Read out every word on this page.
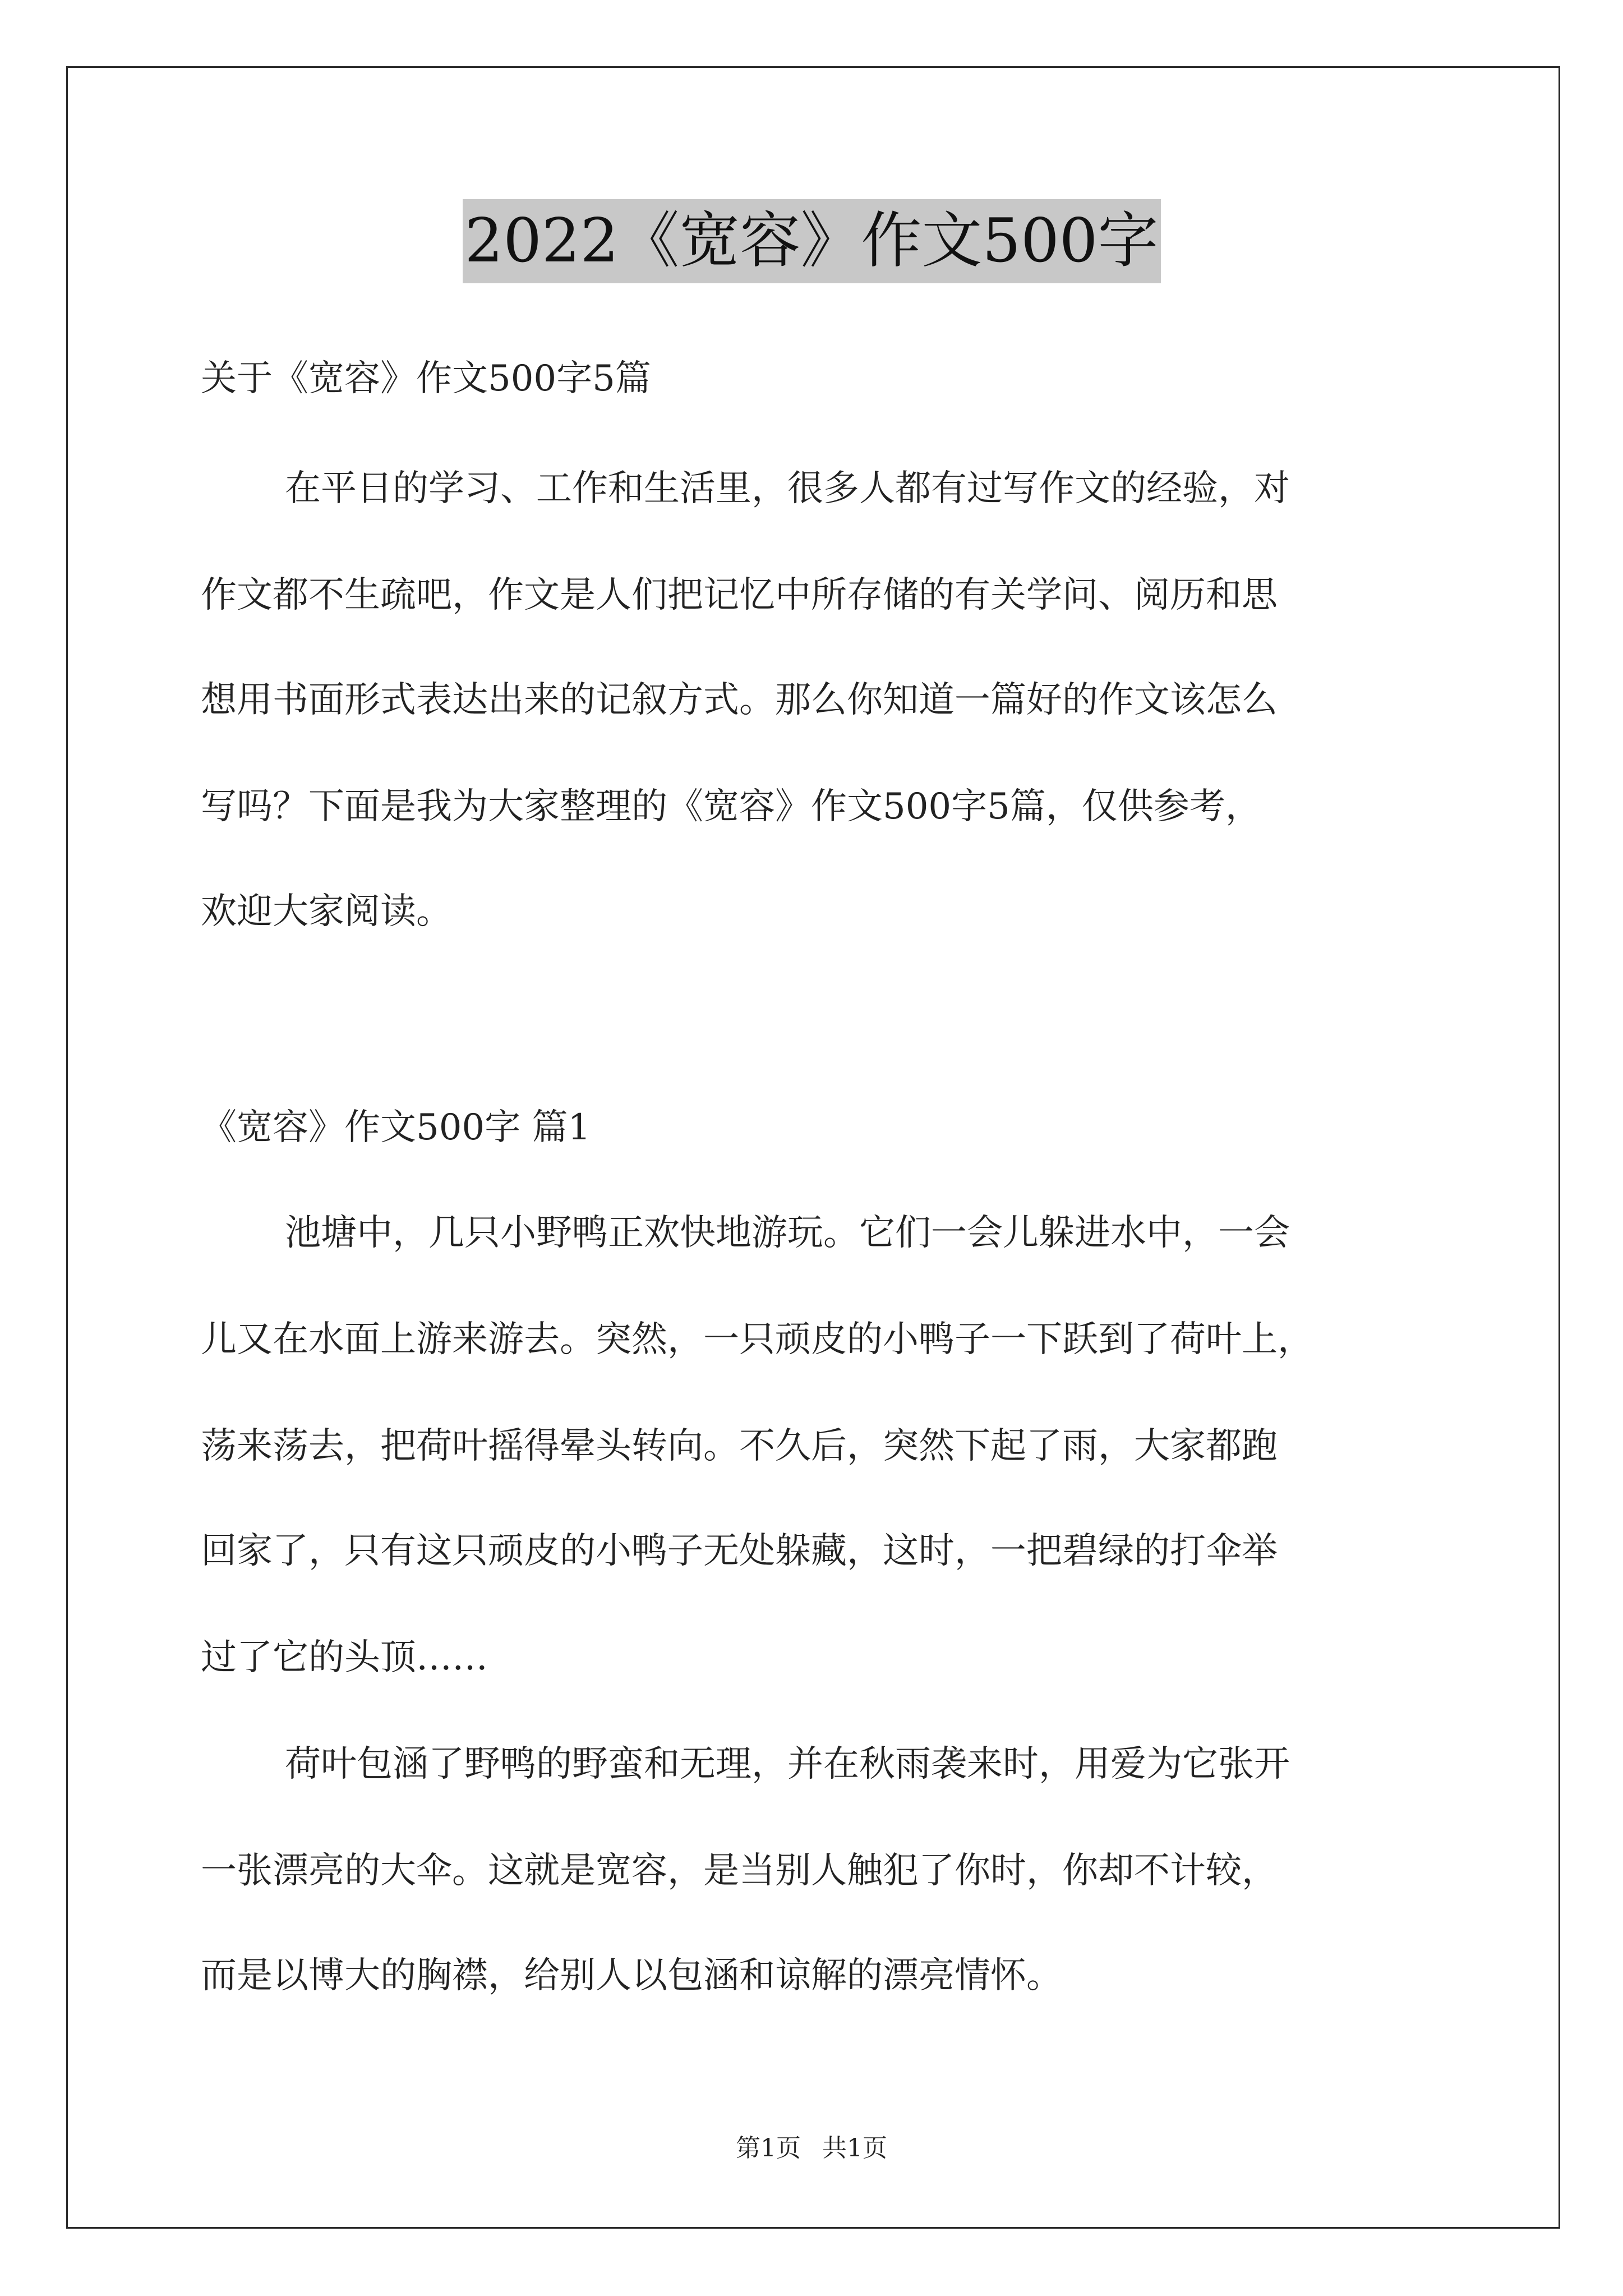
2022《宽容》作文500字
关于《宽容》作文500字5篇
在平日的学习、工作和生活里，很多人都有过写作文的经验，对
作文都不生疏吧，作文是人们把记忆中所存储的有关学问、阅历和思
想用书面形式表达出来的记叙方式。那么你知道一篇好的作文该怎么
写吗？下面是我为大家整理的《宽容》作文500字5篇，仅供参考，
欢迎大家阅读。
《宽容》作文500字 篇1
池塘中，几只小野鸭正欢快地游玩。它们一会儿躲进水中，一会
儿又在水面上游来游去。突然，一只顽皮的小鸭子一下跃到了荷叶上，
荡来荡去，把荷叶摇得晕头转向。不久后，突然下起了雨，大家都跑
回家了，只有这只顽皮的小鸭子无处躲藏，这时，一把碧绿的打伞举
过了它的头顶……
荷叶包涵了野鸭的野蛮和无理，并在秋雨袭来时，用爱为它张开
一张漂亮的大伞。这就是宽容，是当别人触犯了你时，你却不计较，
而是以博大的胸襟，给别人以包涵和谅解的漂亮情怀。
第1页 共1页
